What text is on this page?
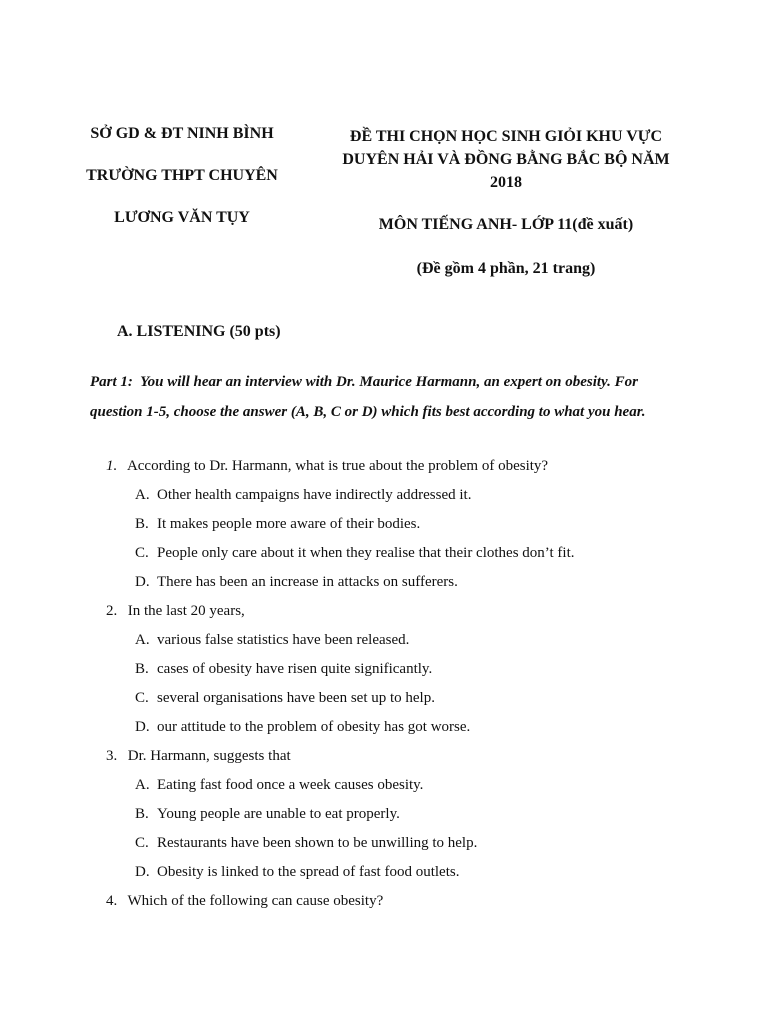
SỞ GD & ĐT NINH BÌNH
TRƯỜNG THPT CHUYÊN
LƯƠNG VĂN TỤY
ĐỀ THI CHỌN HỌC SINH GIỎI KHU VỰC
DUYÊN HẢI VÀ ĐỒNG BẰNG BẮC BỘ NĂM
2018
MÔN TIẾNG ANH- LỚP 11(đề xuất)
(Đề gồm 4 phần, 21 trang)
A. LISTENING (50 pts)
Part 1: You will hear an interview with Dr. Maurice Harmann, an expert on obesity. For question 1-5, choose the answer (A, B, C or D) which fits best according to what you hear.
1. According to Dr. Harmann, what is true about the problem of obesity?
A. Other health campaigns have indirectly addressed it.
B. It makes people more aware of their bodies.
C. People only care about it when they realise that their clothes don’t fit.
D. There has been an increase in attacks on sufferers.
2. In the last 20 years,
A. various false statistics have been released.
B. cases of obesity have risen quite significantly.
C. several organisations have been set up to help.
D. our attitude to the problem of obesity has got worse.
3. Dr. Harmann, suggests that
A. Eating fast food once a week causes obesity.
B. Young people are unable to eat properly.
C. Restaurants have been shown to be unwilling to help.
D. Obesity is linked to the spread of fast food outlets.
4. Which of the following can cause obesity?
